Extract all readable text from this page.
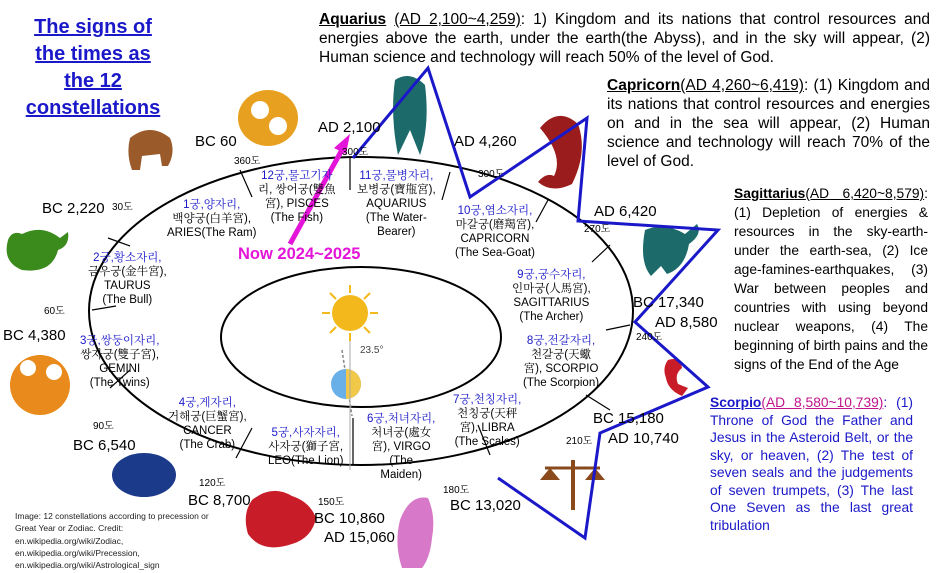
The signs of the times as the 12 constellations
Aquarius (AD 2,100~4,259): 1) Kingdom and its nations that control resources and energies above the earth, under the earth(the Abyss), and in the sky will appear, (2) Human science and technology will reach 50% of the level of God.
Capricorn(AD 4,260~6,419): (1) Kingdom and its nations that control resources and energies on and in the sea will appear, (2) Human science and technology will reach 70% of the level of God.
Sagittarius(AD 6,420~8,579): (1) Depletion of energies & resources in the sky-earth-under the earth-sea, (2) Ice age-famines-earthquakes, (3) War between peoples and countries with using beyond nuclear weapons, (4) The beginning of birth pains and the signs of the End of the Age
Scorpio(AD 8,580~10,739): (1) Throne of God the Father and Jesus in the Asteroid Belt, or the sky, or heaven, (2) The test of seven seals and the judgements of seven trumpets, (3) The last One Seven as the last great tribulation
Now 2024~2025
BC 60
AD 2,100
AD 4,260
AD 6,420
BC 17,340
AD 8,580
BC 15,180
AD 10,740
BC 13,020
BC 10,860
AD 15,060
BC 8,700
BC 6,540
BC 4,380
BC 2,220
360도
300도
300도
270도
240도
210도
180도
150도
120도
90도
60도
30도
23.5°
1궁,양자리,
백양궁(白羊宮),
ARIES(The Ram)
12궁,물고기자
리, 쌍어궁(雙魚
宮), PISCES
(The Fish)
11궁,물병자리,
보병궁(寶甁宮),
AQUARIUS
(The Water-
Bearer)
10궁,염소자리,
마갈궁(磨羯宮),
CAPRICORN
(The Sea-Goat)
9궁,궁수자리,
인마궁(人馬宮),
SAGITTARIUS
(The Archer)
8궁,전갈자리,
천갈궁(天蠍
宮), SCORPIO
(The Scorpion)
7궁,천칭자리,
천칭궁(天秤
宮), LIBRA
(The Scales)
6궁,처녀자리,
처녀궁(處女
宮), VIRGO
(The
Maiden)
5궁,사자자리,
사자궁(獅子宮,
LEO(The Lion)
4궁,게자리,
거해궁(巨蟹宮),
CANCER
(The Crab)
3궁,쌍둥이자리,
쌍자궁(雙子宮),
GEMINI
(The Twins)
2궁,황소자리,
금우궁(金牛宮),
TAURUS
(The Bull)
Image: 12 constellations according to precession or Great Year or Zodiac. Credit: en.wikipedia.org/wiki/Zodiac, en.wikipedia.org/wiki/Precession, en.wikipedia.org/wiki/Astrological_sign
